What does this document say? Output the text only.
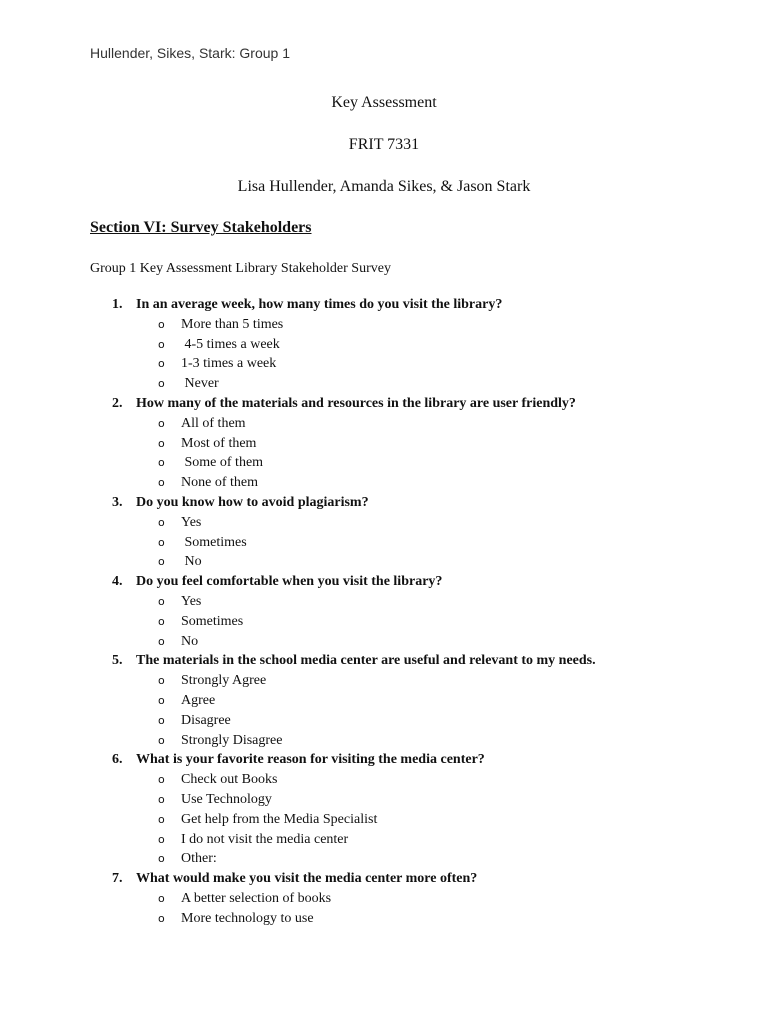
Hullender, Sikes, Stark: Group 1
Key Assessment
FRIT 7331
Lisa Hullender, Amanda Sikes, & Jason Stark
Section VI: Survey Stakeholders
Group 1 Key Assessment Library Stakeholder Survey
1. In an average week, how many times do you visit the library?
o More than 5 times
o 4-5 times a week
o 1-3 times a week
o Never
2. How many of the materials and resources in the library are user friendly?
o All of them
o Most of them
o Some of them
o None of them
3. Do you know how to avoid plagiarism?
o Yes
o Sometimes
o No
4. Do you feel comfortable when you visit the library?
o Yes
o Sometimes
o No
5. The materials in the school media center are useful and relevant to my needs.
o Strongly Agree
o Agree
o Disagree
o Strongly Disagree
6. What is your favorite reason for visiting the media center?
o Check out Books
o Use Technology
o Get help from the Media Specialist
o I do not visit the media center
o Other:
7. What would make you visit the media center more often?
o A better selection of books
o More technology to use
